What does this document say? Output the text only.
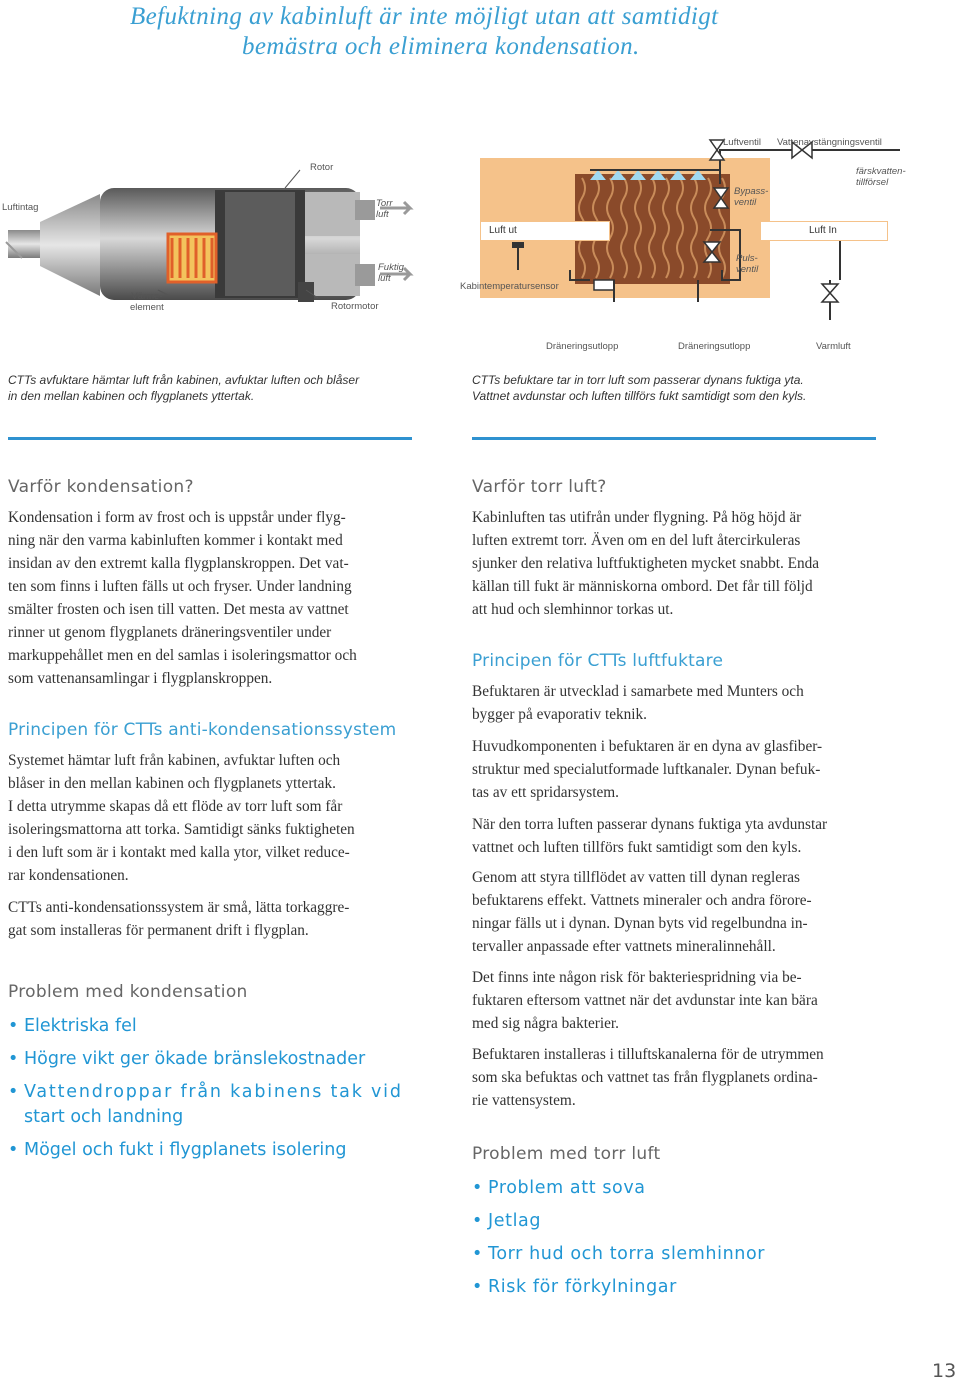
Befuktning av kabinluft är inte möjligt utan att samtidigt
bemästra och eliminera kondensation.
Luftintag
Rotor
Torr
luft
Fuktig
luft
Värme-
element	Rotormotor
Luftventil Vattenavstängningsventil
färskvatten-
tillförsel
Bypass-
ventil
Luft ut	Luft In
Puls-
ventil
Kabintemperatursensor
Dräneringsutlopp	Dräneringsutlopp	Varmluft
CTTs avfuktare hämtar luft från kabinen, avfuktar luften och blåser
in den mellan kabinen och flygplanets yttertak.
CTTs befuktare tar in torr luft som passerar dynans fuktiga yta.
Vattnet avdunstar och luften tillförs fukt samtidigt som den kyls.
Varför kondensation?
Kondensation i form av frost och is uppstår under flyg-
ning när den varma kabinluften kommer i kontakt med
insidan av den extremt kalla flygplanskroppen. Det vat-
ten som finns i luften fälls ut och fryser. Under landning
smälter frosten och isen till vatten. Det mesta av vattnet
rinner ut genom flygplanets dräneringsventiler under
markuppehållet men en del samlas i isoleringsmattor och
som vattenansamlingar i flygplanskroppen.
Principen för CTTs anti-kondensationssystem
Systemet hämtar luft från kabinen, avfuktar luften och
blåser in den mellan kabinen och flygplanets yttertak.
I detta utrymme skapas då ett flöde av torr luft som får
isoleringsmattorna att torka. Samtidigt sänks fuktigheten
i den luft som är i kontakt med kalla ytor, vilket reduce-
rar kondensationen.
CTTs anti-kondensationssystem är små, lätta torkaggre-
gat som installeras för permanent drift i flygplan.
Problem med kondensation
• Elektriska fel
• Högre vikt ger ökade bränslekostnader
• Vattendroppar från kabinens tak vid
start och landning
• Mögel och fukt i flygplanets isolering
Varför torr luft?
Kabinluften tas utifrån under flygning. På hög höjd är
luften extremt torr. Även om en del luft återcirkuleras
sjunker den relativa luftfuktigheten mycket snabbt. Enda
källan till fukt är människorna ombord. Det får till följd
att hud och slemhinnor torkas ut.
Principen för CTTs luftfuktare
Befuktaren är utvecklad i samarbete med Munters och
bygger på evaporativ teknik.
Huvudkomponenten i befuktaren är en dyna av glasfiber-
struktur med specialutformade luftkanaler. Dynan befuk-
tas av ett spridarsystem.
När den torra luften passerar dynans fuktiga yta avdunstar
vattnet och luften tillförs fukt samtidigt som den kyls.
Genom att styra tillflödet av vatten till dynan regleras
befuktarens effekt. Vattnets mineraler och andra förore-
ningar fälls ut i dynan. Dynan byts vid regelbundna in-
tervaller anpassade efter vattnets mineralinnehåll.
Det finns inte någon risk för bakteriespridning via be-
fuktaren eftersom vattnet när det avdunstar inte kan bära
med sig några bakterier.
Befuktaren installeras i tilluftskanalerna för de utrymmen
som ska befuktas och vattnet tas från flygplanets ordina-
rie vattensystem.
Problem med torr luft
• Problem att sova
• Jetlag
• Torr hud och torra slemhinnor
• Risk för förkylningar
13
